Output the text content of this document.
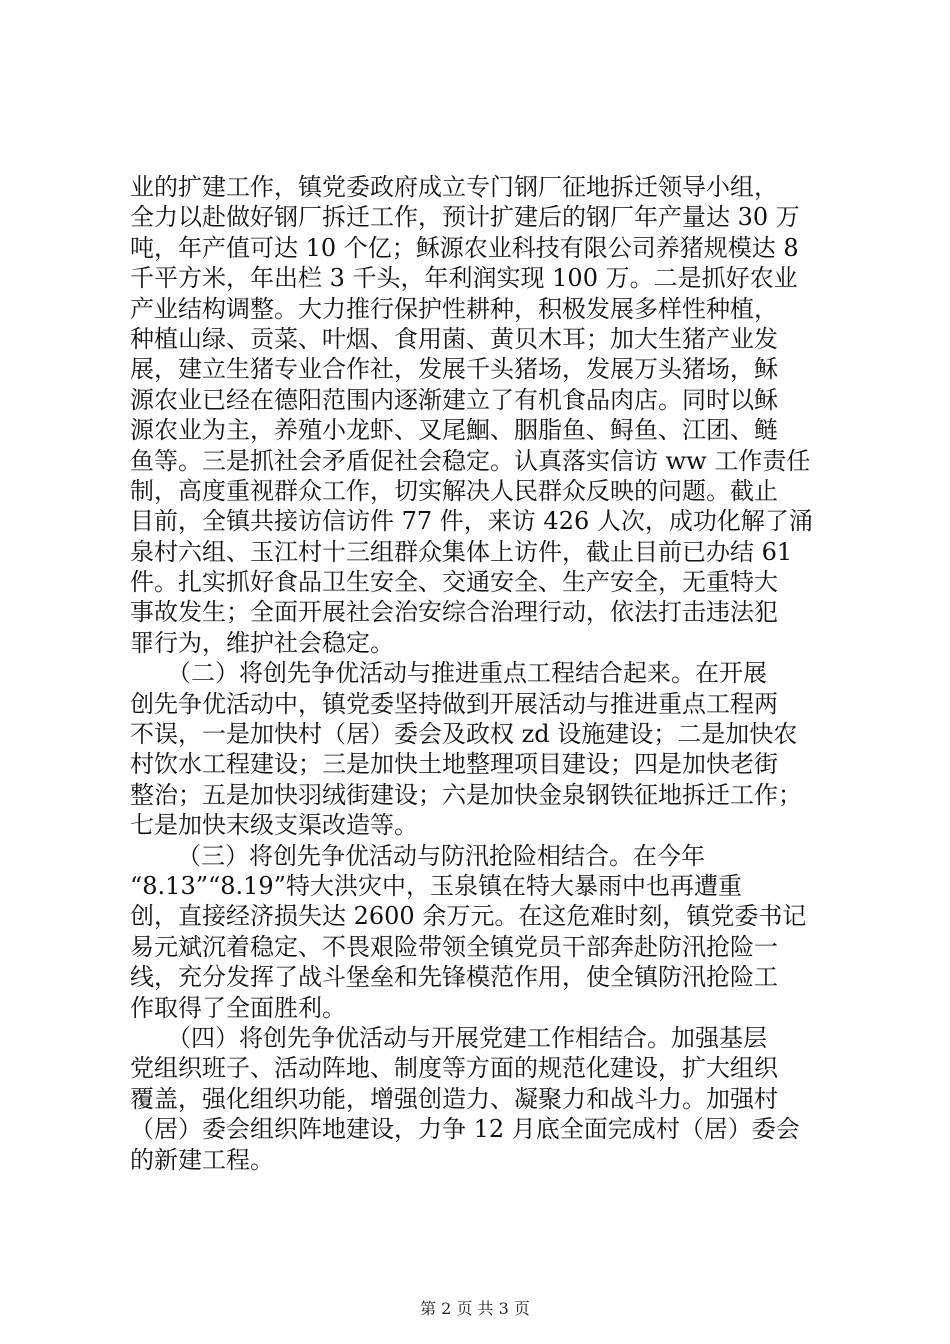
业的扩建工作，镇党委政府成立专门钢厂征地拆迁领导小组，
全力以赴做好钢厂拆迁工作，预计扩建后的钢厂年产量达 30 万
吨，年产值可达 10 个亿；稣源农业科技有限公司养猪规模达 8
千平方米，年出栏 3 千头，年利润实现 100 万。二是抓好农业
产业结构调整。大力推行保护性耕种，积极发展多样性种植，
种植山绿、贡菜、叶烟、食用菌、黄贝木耳；加大生猪产业发
展，建立生猪专业合作社，发展千头猪场，发展万头猪场，稣
源农业已经在德阳范围内逐渐建立了有机食品肉店。同时以稣
源农业为主，养殖小龙虾、叉尾鮰、胭脂鱼、鲟鱼、江团、鲢
鱼等。三是抓社会矛盾促社会稳定。认真落实信访 ww 工作责任
制，高度重视群众工作，切实解决人民群众反映的问题。截止
目前，全镇共接访信访件 77 件，来访 426 人次，成功化解了涌
泉村六组、玉江村十三组群众集体上访件，截止目前已办结 61
件。扎实抓好食品卫生安全、交通安全、生产安全，无重特大
事故发生；全面开展社会治安综合治理行动，依法打击违法犯
罪行为，维护社会稳定。
（二）将创先争优活动与推进重点工程结合起来。在开展
创先争优活动中，镇党委坚持做到开展活动与推进重点工程两
不误，一是加快村（居）委会及政权 zd 设施建设；二是加快农
村饮水工程建设；三是加快土地整理项目建设；四是加快老街
整治；五是加快羽绒街建设；六是加快金泉钢铁征地拆迁工作；
七是加快末级支渠改造等。
（三）将创先争优活动与防汛抢险相结合。在今年
“8.13”“8.19”特大洪灾中，玉泉镇在特大暴雨中也再遭重
创，直接经济损失达 2600 余万元。在这危难时刻，镇党委书记
易元斌沉着稳定、不畏艰险带领全镇党员干部奔赴防汛抢险一
线，充分发挥了战斗堡垒和先锋模范作用，使全镇防汛抢险工
作取得了全面胜利。
（四）将创先争优活动与开展党建工作相结合。加强基层
党组织班子、活动阵地、制度等方面的规范化建设，扩大组织
覆盖，强化组织功能，增强创造力、凝聚力和战斗力。加强村
（居）委会组织阵地建设，力争 12 月底全面完成村（居）委会
的新建工程。
第 2 页 共 3 页
